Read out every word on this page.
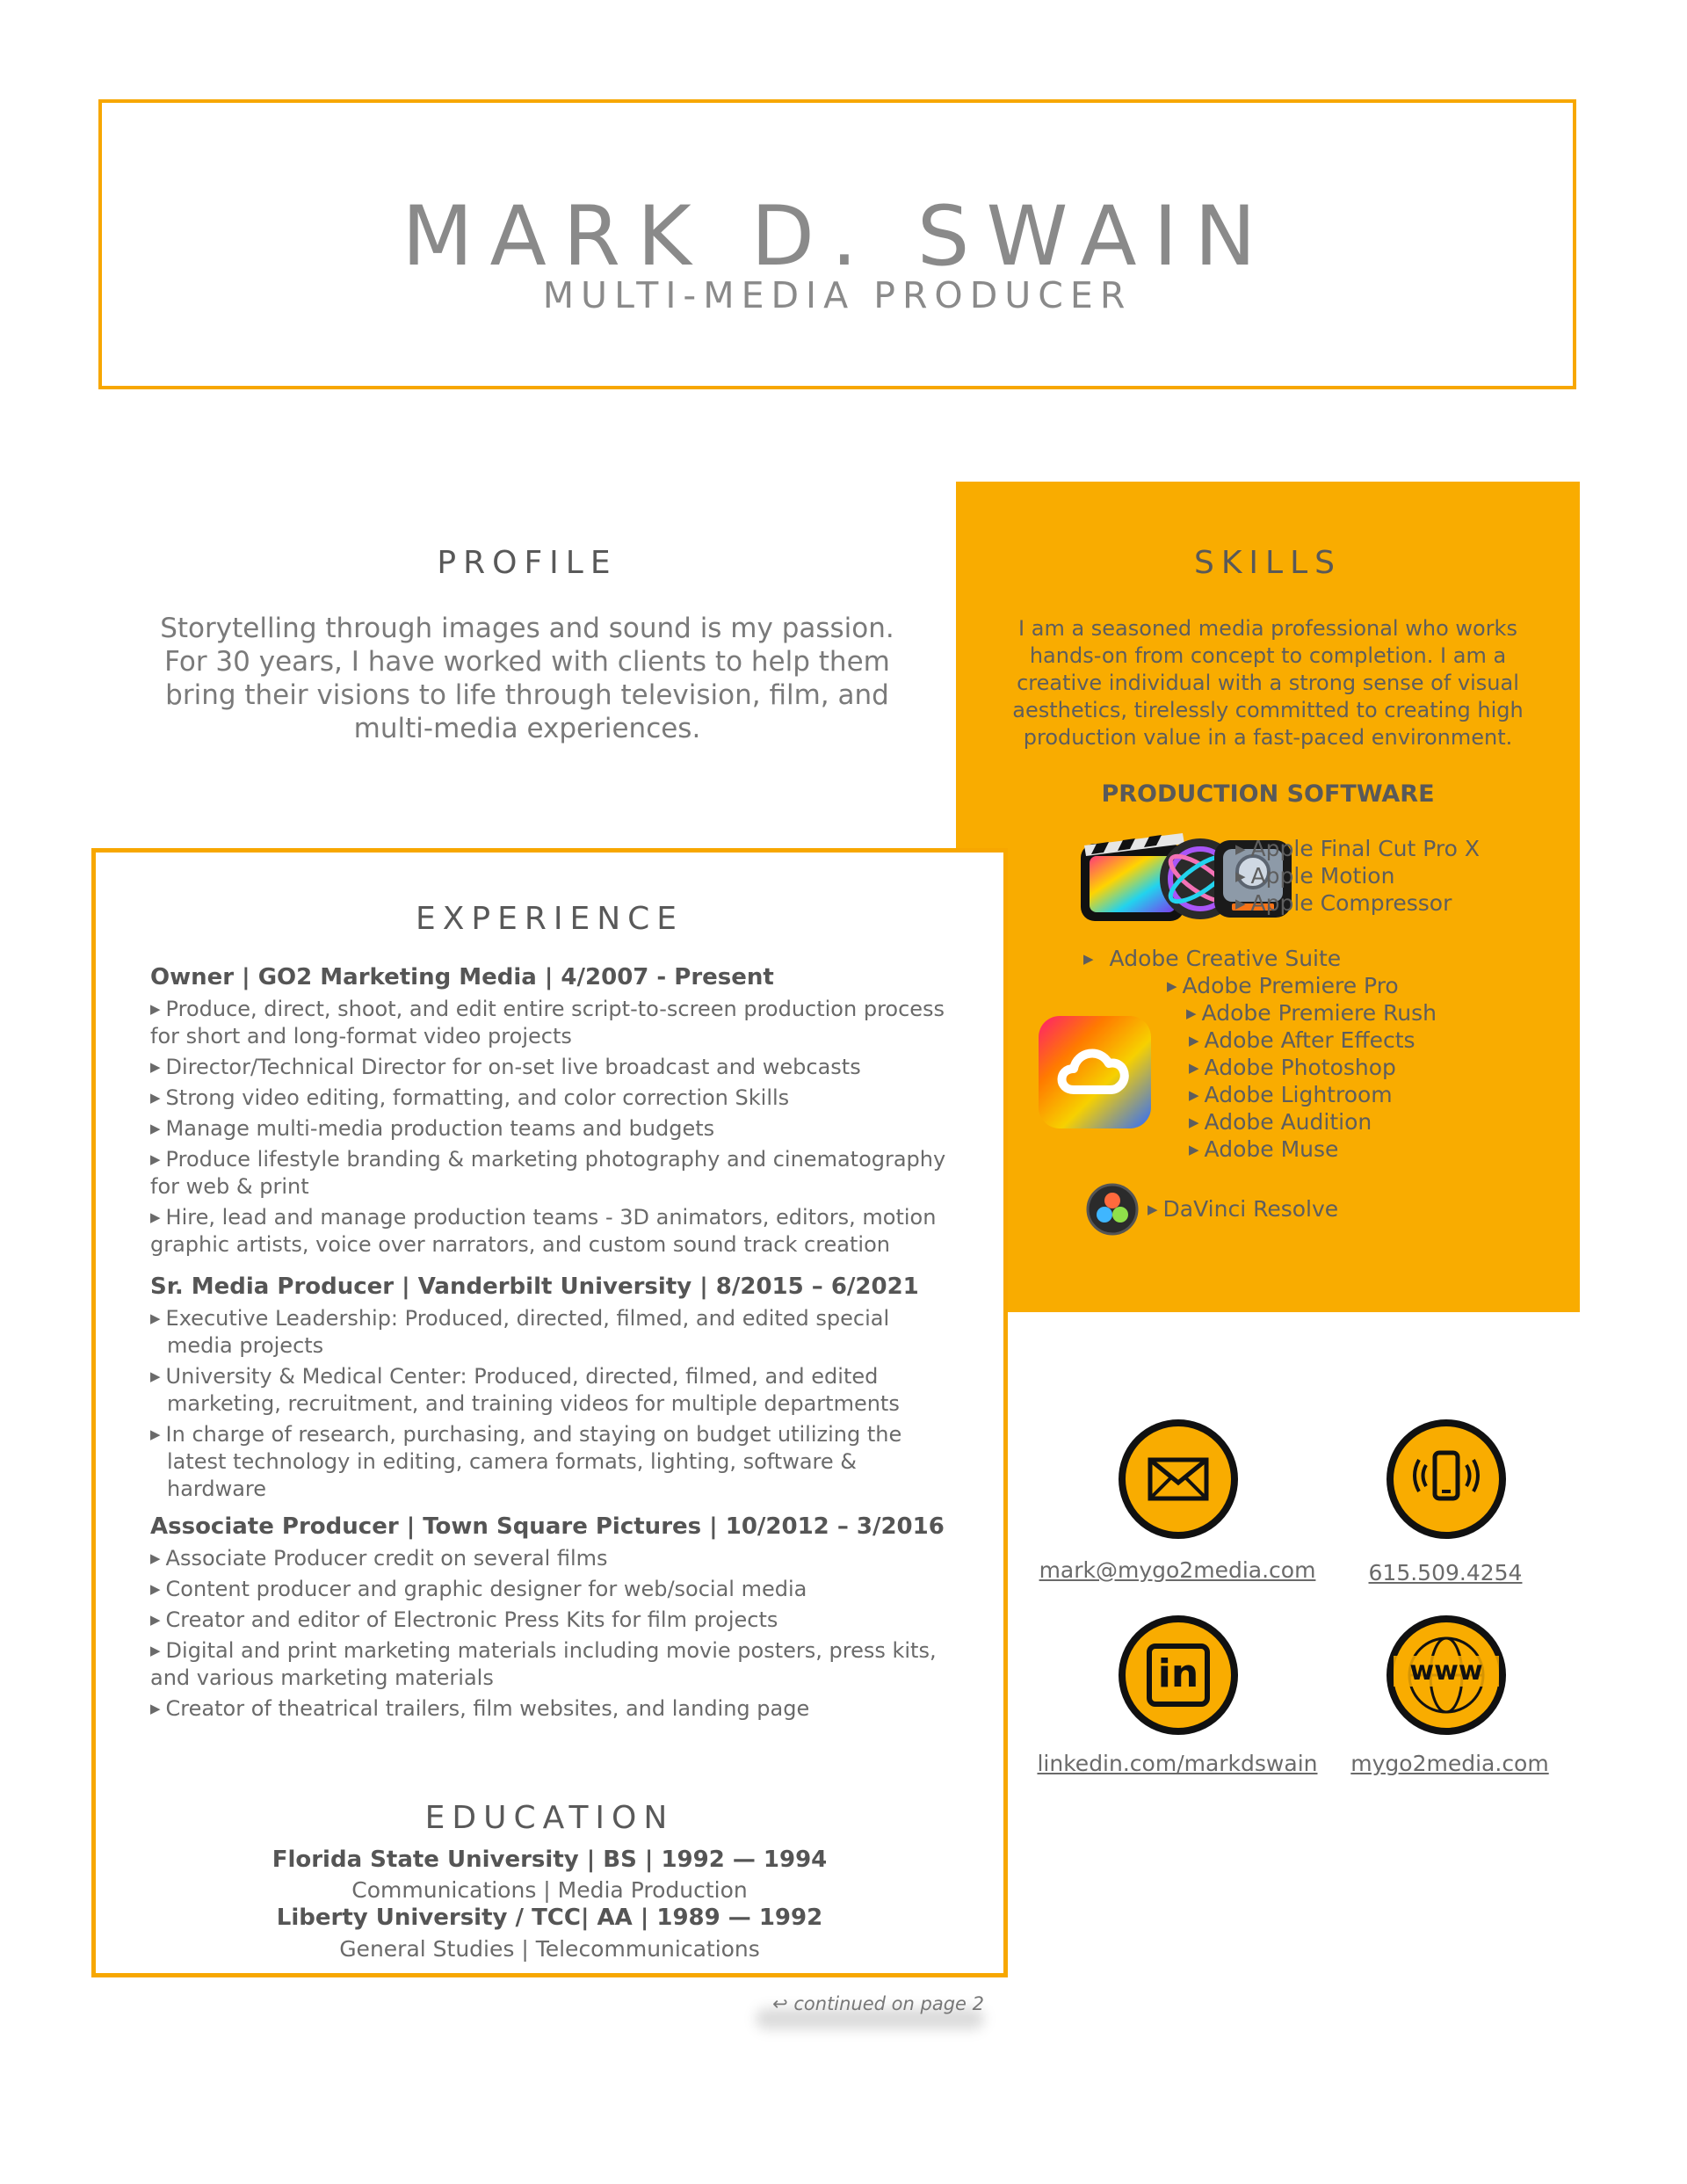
MARK D. SWAIN
MULTI-MEDIA PRODUCER
PROFILE
Storytelling through images and sound is my passion. For 30 years, I have worked with clients to help them bring their visions to life through television, film, and multi-media experiences.
SKILLS
I am a seasoned media professional who works hands-on from concept to completion. I am a creative individual with a strong sense of visual aesthetics, tirelessly committed to creating high production value in a fast-paced environment.
PRODUCTION SOFTWARE
▶ Apple Final Cut Pro X
▶ Apple Motion
▶ Apple Compressor
▶ Adobe Creative Suite
▶ Adobe Premiere Pro
▶ Adobe Premiere Rush
▶ Adobe After Effects
▶ Adobe Photoshop
▶ Adobe Lightroom
▶ Adobe Audition
▶ Adobe Muse
▶ DaVinci Resolve
EXPERIENCE
Owner | GO2 Marketing Media | 4/2007 - Present
▶ Produce, direct, shoot, and edit entire script-to-screen production process for short and long-format video projects
▶ Director/Technical Director for on-set live broadcast and webcasts
▶ Strong video editing, formatting, and color correction Skills
▶ Manage multi-media production teams and budgets
▶ Produce lifestyle branding & marketing photography and cinematography for web & print
▶ Hire, lead and manage production teams - 3D animators, editors, motion graphic artists, voice over narrators, and custom sound track creation
Sr. Media Producer | Vanderbilt University | 8/2015 – 6/2021
▶ Executive Leadership: Produced, directed, filmed, and edited special media projects
▶ University & Medical Center: Produced, directed, filmed, and edited marketing, recruitment, and training videos for multiple departments
▶ In charge of research, purchasing, and staying on budget utilizing the latest technology in editing, camera formats, lighting, software & hardware
Associate Producer | Town Square Pictures | 10/2012 – 3/2016
▶ Associate Producer credit on several films
▶ Content producer and graphic designer for web/social media
▶ Creator and editor of Electronic Press Kits for film projects
▶ Digital and print marketing materials including movie posters, press kits, and various marketing materials
▶ Creator of theatrical trailers, film websites, and landing page
EDUCATION
Florida State University | BS | 1992 — 1994
Communications | Media Production
Liberty University / TCC| AA | 1989 — 1992
General Studies | Telecommunications
↩ continued on page 2
mark@mygo2media.com	615.509.4254
in	www
linkedin.com/markdswain	mygo2media.com
